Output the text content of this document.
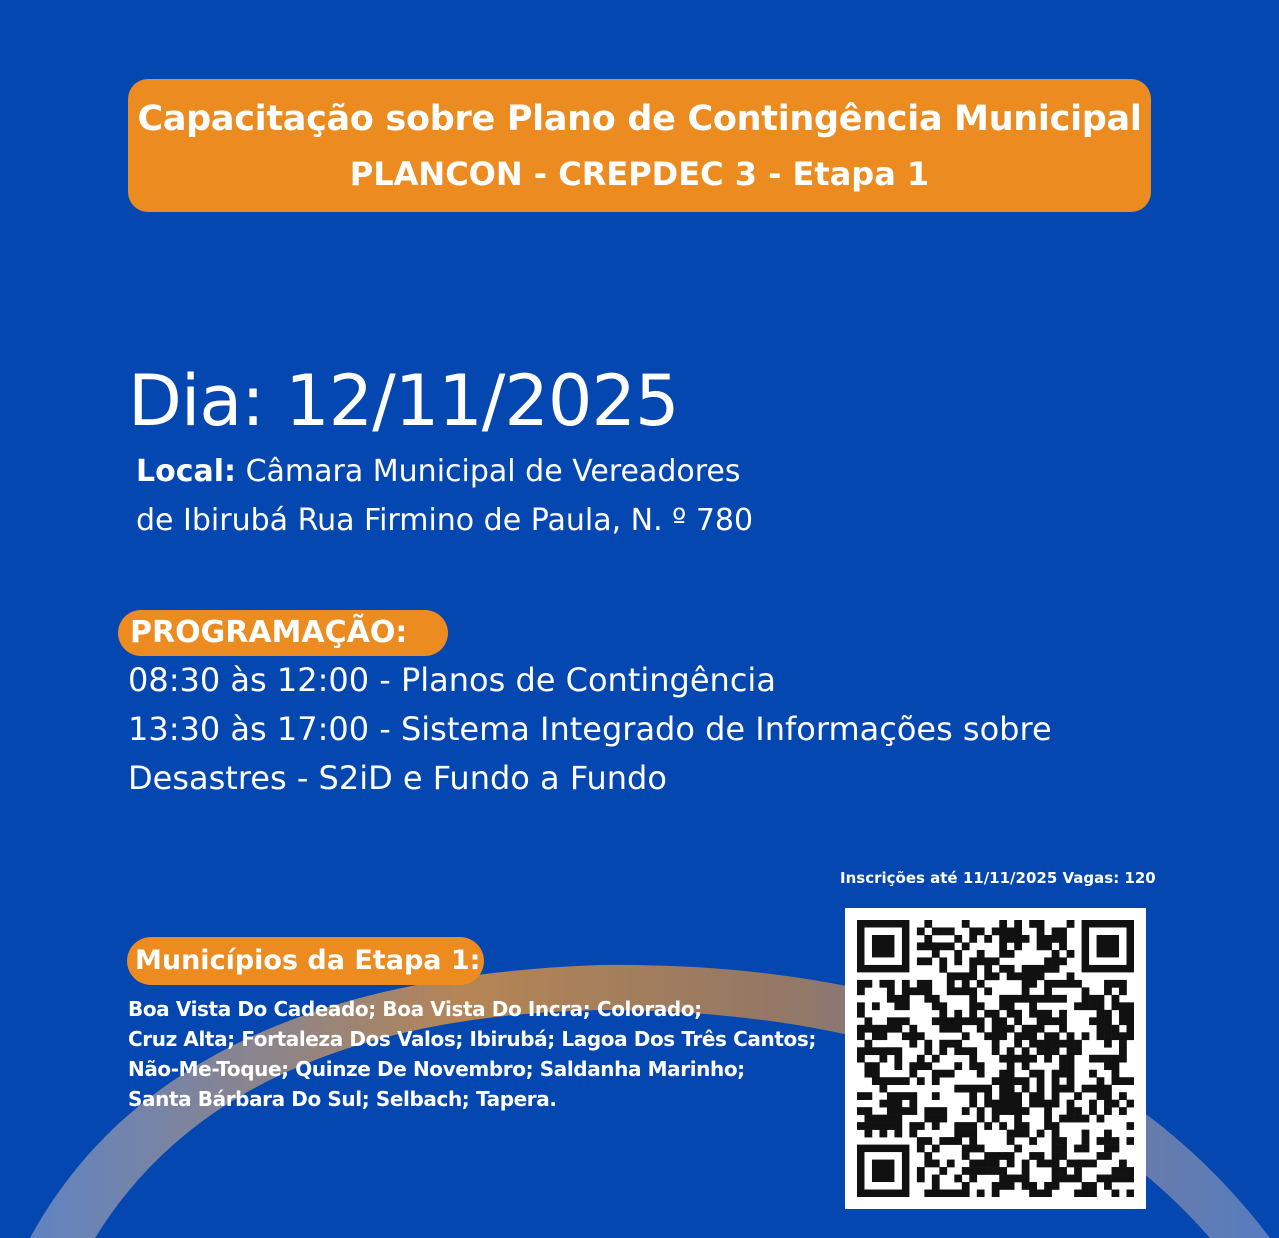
Capacitação sobre Plano de Contingência Municipal
PLANCON - CREPDEC 3 - Etapa 1
Dia: 12/11/2025
Local: Câmara Municipal de Vereadores
de Ibirubá Rua Firmino de Paula, N. º 780
PROGRAMAÇÃO:
08:30 às 12:00 - Planos de Contingência
13:30 às 17:00 - Sistema Integrado de Informações sobre
Desastres - S2iD e Fundo a Fundo
Inscrições até 11/11/2025 Vagas: 120
Municípios da Etapa 1:
Boa Vista Do Cadeado; Boa Vista Do Incra; Colorado;
Cruz Alta; Fortaleza Dos Valos; Ibirubá; Lagoa Dos Três Cantos;
Não-Me-Toque; Quinze De Novembro; Saldanha Marinho;
Santa Bárbara Do Sul; Selbach; Tapera.
